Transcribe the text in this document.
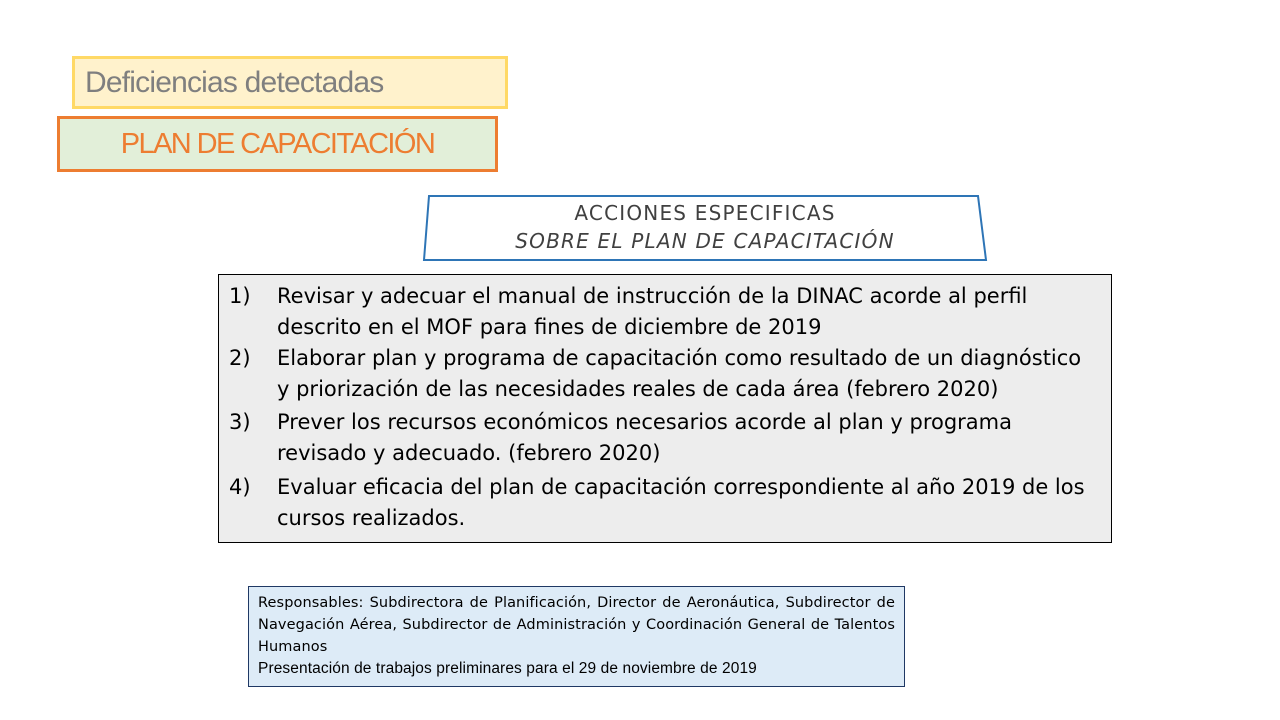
Deficiencias detectadas
PLAN DE CAPACITACIÓN
ACCIONES ESPECIFICAS
SOBRE EL PLAN DE CAPACITACIÓN
1) Revisar y adecuar el manual de instrucción de la DINAC acorde al perfil
descrito en el MOF para fines de diciembre de 2019
2) Elaborar plan y programa de capacitación como resultado de un diagnóstico
y priorización de las necesidades reales de cada área (febrero 2020)
3) Prever los recursos económicos necesarios acorde al plan y programa
revisado y adecuado. (febrero 2020)
4) Evaluar eficacia del plan de capacitación correspondiente al año 2019 de los
cursos realizados.

Responsables: Subdirectora de Planificación, Director de Aeronáutica, Subdirector de Navegación Aérea, Subdirector de Administración y Coordinación General de Talentos Humanos

Presentación de trabajos preliminares para el 29 de noviembre de 2019
